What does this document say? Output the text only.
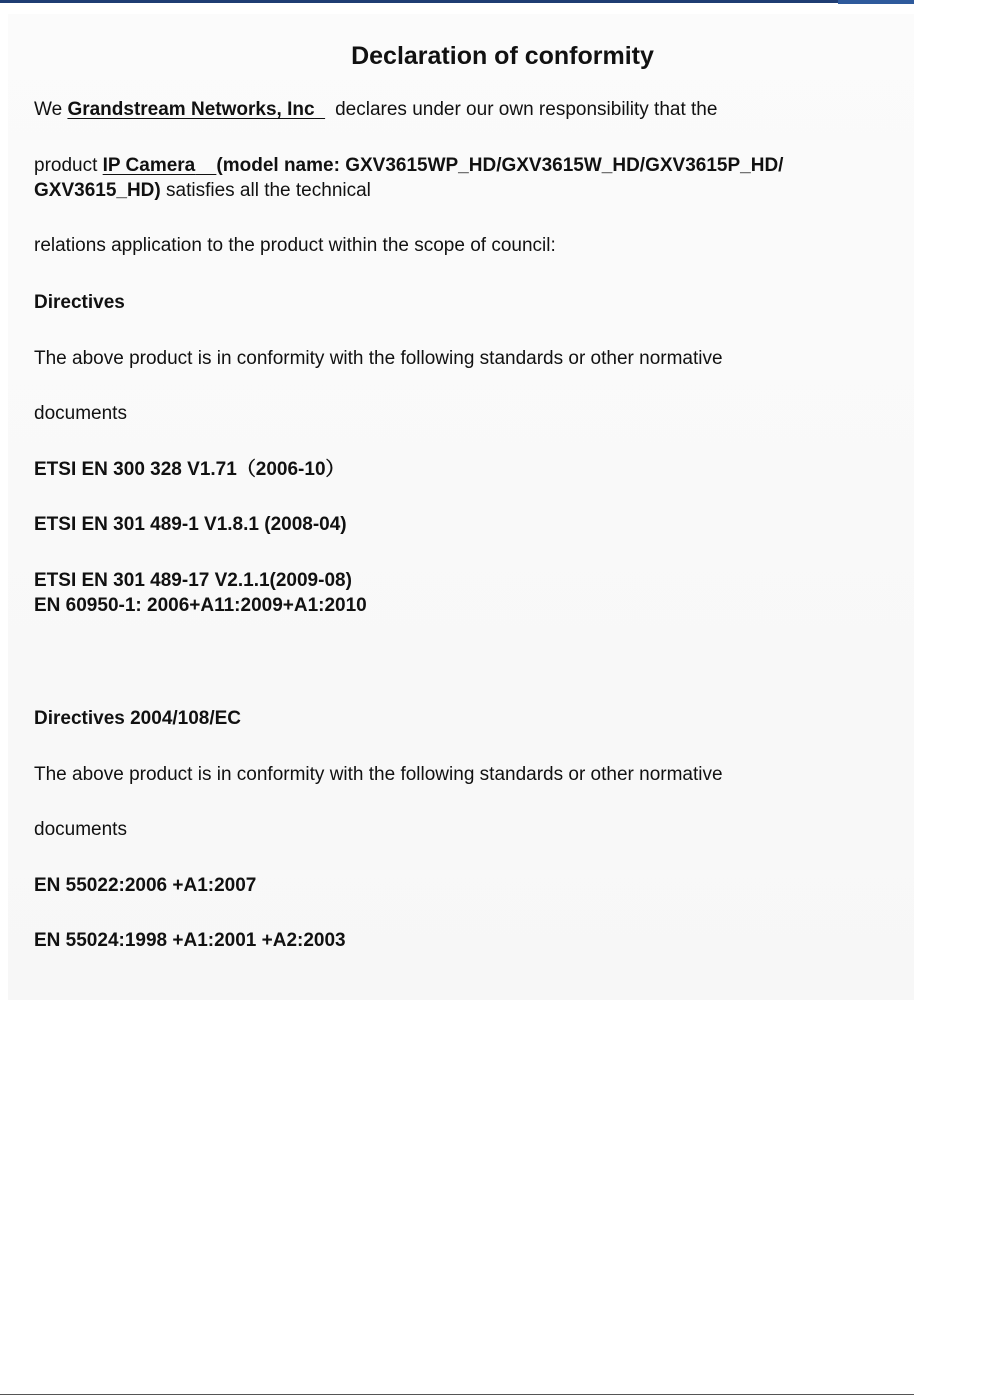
Declaration of conformity
We Grandstream Networks, Inc declares under our own responsibility that the
product IP Camera (model name: GXV3615WP_HD/GXV3615W_HD/GXV3615P_HD/
GXV3615_HD) satisfies all the technical
relations application to the product within the scope of council:
Directives
The above product is in conformity with the following standards or other normative
documents
ETSI EN 300 328 V1.71（2006-10）
ETSI EN 301 489-1 V1.8.1 (2008-04)
ETSI EN 301 489-17 V2.1.1(2009-08)
EN 60950-1: 2006+A11:2009+A1:2010
Directives 2004/108/EC
The above product is in conformity with the following standards or other normative
documents
EN 55022:2006 +A1:2007
EN 55024:1998 +A1:2001 +A2:2003
